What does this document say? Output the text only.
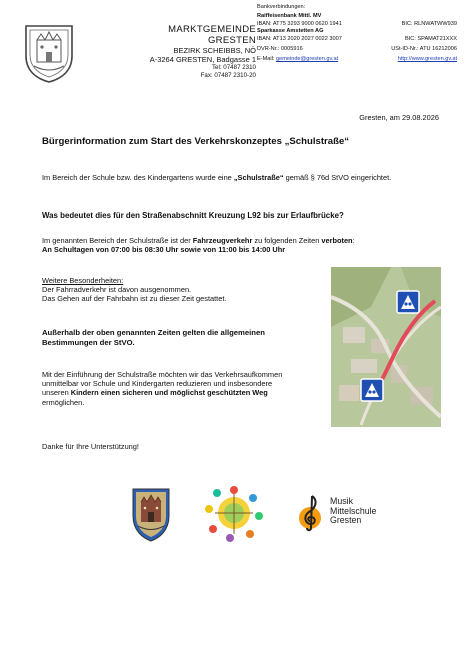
MARKTGEMEINDE
GRESTEN
BEZIRK SCHEIBBS, NÖ
A-3264 GRESTEN, Badgasse 1
Tel: 07487 2310
Fax: 07487 2310-20
Bankverbindungen:
Raiffeisenbank Mittl. MV
IBAN: AT75 3293 9000 0620 1941	BIC: RLNWATWW939
Sparkasse Amstetten AG
IBAN: AT13 2020 2027 0022 3007	BIC: SPAMAT21XXX
DVR-Nr.: 0005916	USt-ID-Nr.: ATU 16212006
E-Mail: gemeinde@gresten.gv.at	http://www.gresten.gv.at
Gresten, am 29.08.2026
Bürgerinformation zum Start des Verkehrskonzeptes „Schulstraße“
Im Bereich der Schule bzw. des Kindergartens wurde eine „Schulstraße“ gemäß § 76d StVO eingerichtet.
Was bedeutet dies für den Straßenabschnitt Kreuzung L92 bis zur Erlaufbrücke?
Im genannten Bereich der Schulstraße ist der Fahrzeugverkehr zu folgenden Zeiten verboten:
An Schultagen von 07:00 bis 08:30 Uhr sowie von 11:00 bis 14:00 Uhr
Weitere Besonderheiten:
Der Fahrradverkehr ist davon ausgenommen.
Das Gehen auf der Fahrbahn ist zu dieser Zeit gestattet.
Außerhalb der oben genannten Zeiten gelten die allgemeinen
Bestimmungen der StVO.
Mit der Einführung der Schulstraße möchten wir das Verkehrsaufkommen
unmittelbar vor Schule und Kindergarten reduzieren und insbesondere
unseren Kindern einen sicheren und möglichst geschützten Weg
ermöglichen.
Danke für Ihre Unterstützung!
Musik
Mittelschule
Gresten
